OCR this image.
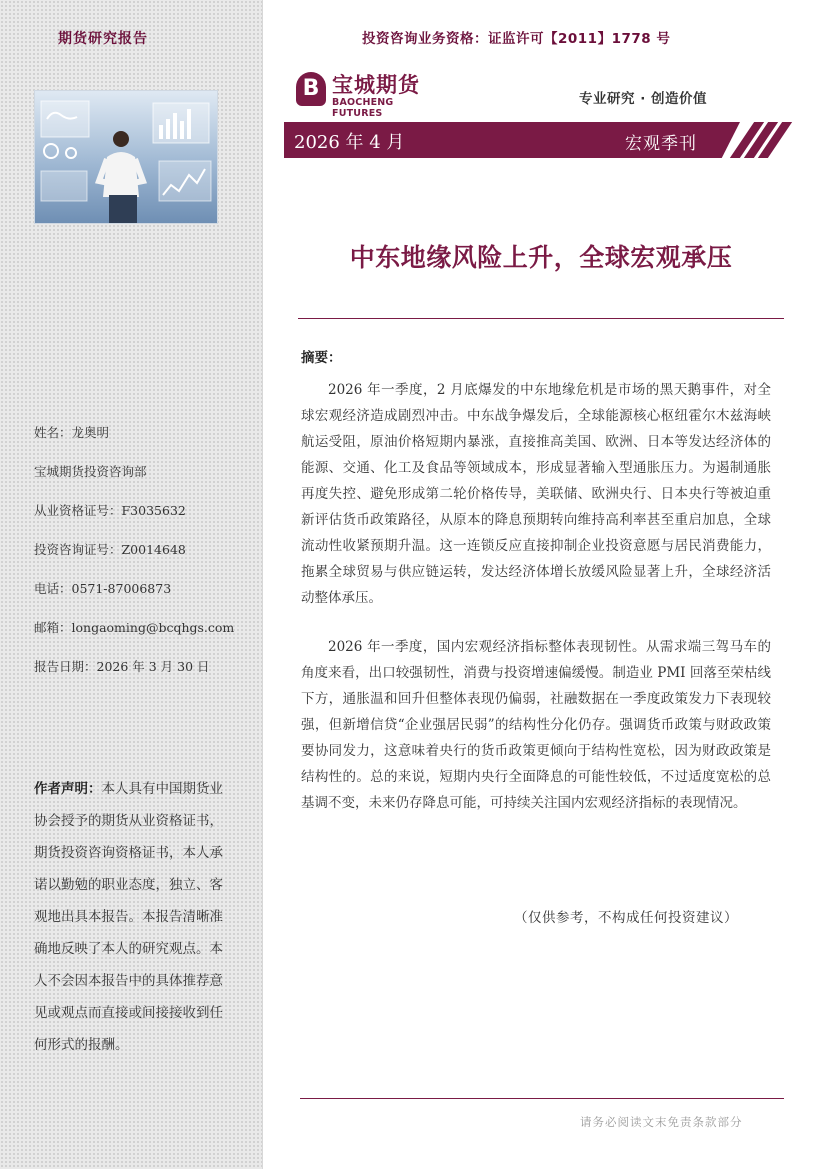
期货研究报告
姓名：龙奥明
宝城期货投资咨询部
从业资格证号：F3035632
投资咨询证号：Z0014648
电话：0571-87006873
邮箱：longaoming@bcqhgs.com
报告日期：2026 年 3 月 30 日
作者声明：本人具有中国期货业协会授予的期货从业资格证书，期货投资咨询资格证书，本人承诺以勤勉的职业态度，独立、客观地出具本报告。本报告清晰准确地反映了本人的研究观点。本人不会因本报告中的具体推荐意见或观点而直接或间接接收到任何形式的报酬。
投资咨询业务资格：证监许可【2011】1778 号
B 宝城期货
BAOCHENG FUTURES
专业研究 · 创造价值
2026 年 4 月	宏观季刊
中东地缘风险上升，全球宏观承压
摘要：

2026 年一季度，2 月底爆发的中东地缘危机是市场的黑天鹅事件，对全球宏观经济造成剧烈冲击。中东战争爆发后，全球能源核心枢纽霍尔木兹海峡航运受阻，原油价格短期内暴涨，直接推高美国、欧洲、日本等发达经济体的能源、交通、化工及食品等领域成本，形成显著输入型通胀压力。为遏制通胀再度失控、避免形成第二轮价格传导，美联储、欧洲央行、日本央行等被迫重新评估货币政策路径，从原本的降息预期转向维持高利率甚至重启加息，全球流动性收紧预期升温。这一连锁反应直接抑制企业投资意愿与居民消费能力，拖累全球贸易与供应链运转，发达经济体增长放缓风险显著上升，全球经济活动整体承压。

2026 年一季度，国内宏观经济指标整体表现韧性。从需求端三驾马车的角度来看，出口较强韧性，消费与投资增速偏缓慢。制造业 PMI 回落至荣枯线下方，通胀温和回升但整体表现仍偏弱，社融数据在一季度政策发力下表现较强，但新增信贷“企业强居民弱”的结构性分化仍存。强调货币政策与财政政策要协同发力，这意味着央行的货币政策更倾向于结构性宽松，因为财政政策是结构性的。总的来说，短期内央行全面降息的可能性较低，不过适度宽松的总基调不变，未来仍存降息可能，可持续关注国内宏观经济指标的表现情况。

（仅供参考，不构成任何投资建议）
请务必阅读文末免责条款部分
